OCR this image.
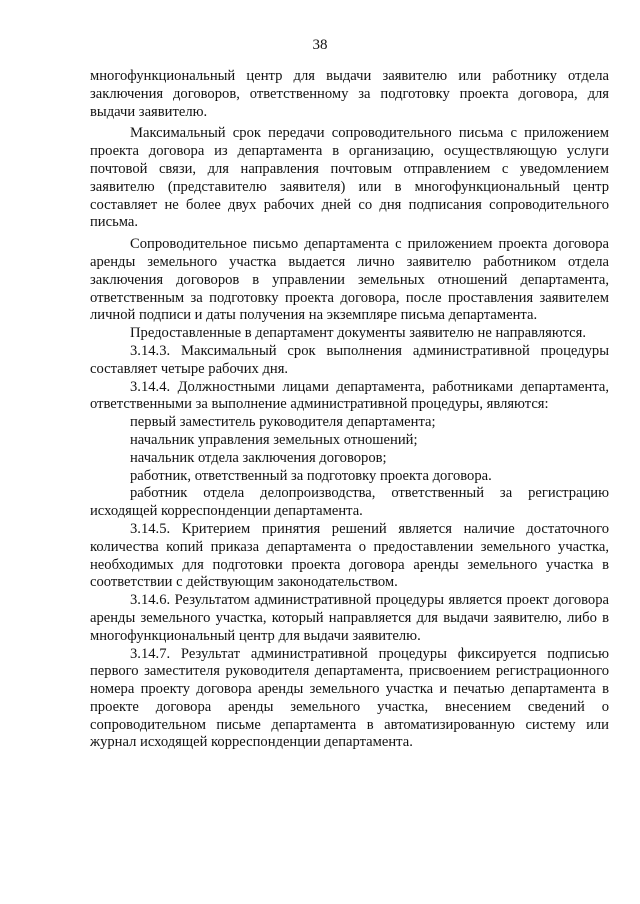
38

многофункциональный центр для выдачи заявителю или работнику отдела заключения договоров, ответственному за подготовку проекта договора, для выдачи заявителю.

Максимальный срок передачи сопроводительного письма с приложением проекта договора из департамента в организацию, осуществляющую услуги почтовой связи, для направления почтовым отправлением с уведомлением заявителю (представителю заявителя) или в многофункциональный центр составляет не более двух рабочих дней со дня подписания сопроводительного письма.

Сопроводительное письмо департамента с приложением проекта договора аренды земельного участка выдается лично заявителю работником отдела заключения договоров в управлении земельных отношений департамента, ответственным за подготовку проекта договора, после проставления заявителем личной подписи и даты получения на экземпляре письма департамента.

Предоставленные в департамент документы заявителю не направляются.

3.14.3. Максимальный срок выполнения административной процедуры составляет четыре рабочих дня.

3.14.4. Должностными лицами департамента, работниками департамента, ответственными за выполнение административной процедуры, являются:

первый заместитель руководителя департамента;

начальник управления земельных отношений;

начальник отдела заключения договоров;

работник, ответственный за подготовку проекта договора.

работник отдела делопроизводства, ответственный за регистрацию исходящей корреспонденции департамента.

3.14.5. Критерием принятия решений является наличие достаточного количества копий приказа департамента о предоставлении земельного участка, необходимых для подготовки проекта договора аренды земельного участка в соответствии с действующим законодательством.

3.14.6. Результатом административной процедуры является проект договора аренды земельного участка, который направляется для выдачи заявителю, либо в многофункциональный центр для выдачи заявителю.

3.14.7. Результат административной процедуры фиксируется подписью первого заместителя руководителя департамента, присвоением регистрационного номера проекту договора аренды земельного участка и печатью департамента в проекте договора аренды земельного участка, внесением сведений о сопроводительном письме департамента в автоматизированную систему или журнал исходящей корреспонденции департамента.
